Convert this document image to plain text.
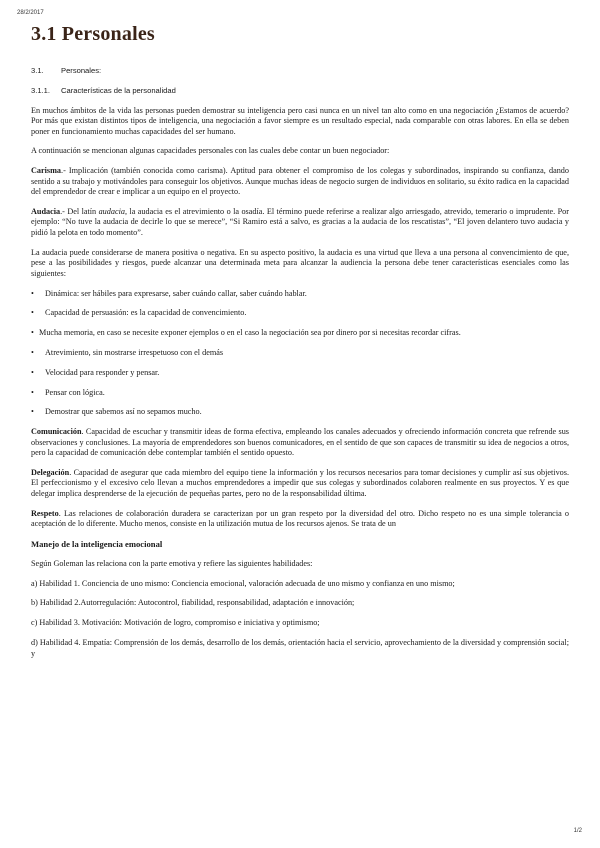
28/2/2017
3.1 Personales

3.1. Personales:

3.1.1. Características de la personalidad

En muchos ámbitos de la vida las personas pueden demostrar su inteligencia pero casi nunca en un nivel tan alto como en una negociación ¿Estamos de acuerdo? Por más que existan distintos tipos de inteligencia, una negociación a favor siempre es un resultado especial, nada comparable con otras labores. En ella se deben poner en funcionamiento muchas capacidades del ser humano.

A continuación se mencionan algunas capacidades personales con las cuales debe contar un buen negociador:

Carisma.- Implicación (también conocida como carisma). Aptitud para obtener el compromiso de los colegas y subordinados, inspirando su confianza, dando sentido a su trabajo y motivándoles para conseguir los objetivos. Aunque muchas ideas de negocio surgen de individuos en solitario, su éxito radica en la capacidad del emprendedor de crear e implicar a un equipo en el proyecto.

Audacia.- Del latín audacia, la audacia es el atrevimiento o la osadía. El término puede referirse a realizar algo arriesgado, atrevido, temerario o imprudente. Por ejemplo: “No tuve la audacia de decirle lo que se merece”, “Si Ramiro está a salvo, es gracias a la audacia de los rescatistas”, “El joven delantero tuvo audacia y pidió la pelota en todo momento”.

La audacia puede considerarse de manera positiva o negativa. En su aspecto positivo, la audacia es una virtud que lleva a una persona al convencimiento de que, pese a las posibilidades y riesgos, puede alcanzar una determinada meta para alcanzar la audiencia la persona debe tener características esenciales como las siguientes:

•Dinámica: ser hábiles para expresarse, saber cuándo callar, saber cuándo hablar.

•Capacidad de persuasión: es la capacidad de convencimiento.

• Mucha memoria, en caso se necesite exponer ejemplos o en el caso la negociación sea por dinero por si necesitas recordar cifras.

•Atrevimiento, sin mostrarse irrespetuoso con el demás

•Velocidad para responder y pensar.

•Pensar con lógica.

•Demostrar que sabemos así no sepamos mucho.

Comunicación. Capacidad de escuchar y transmitir ideas de forma efectiva, empleando los canales adecuados y ofreciendo información concreta que refrende sus observaciones y conclusiones. La mayoría de emprendedores son buenos comunicadores, en el sentido de que son capaces de transmitir su idea de negocios a otros, pero la capacidad de comunicación debe contemplar también el sentido opuesto.

Delegación. Capacidad de asegurar que cada miembro del equipo tiene la información y los recursos necesarios para tomar decisiones y cumplir así sus objetivos. El perfeccionismo y el excesivo celo llevan a muchos emprendedores a impedir que sus colegas y subordinados colaboren realmente en sus proyectos. Y es que delegar implica desprenderse de la ejecución de pequeñas partes, pero no de la responsabilidad última.

Respeto. Las relaciones de colaboración duradera se caracterizan por un gran respeto por la diversidad del otro. Dicho respeto no es una simple tolerancia o aceptación de lo diferente. Mucho menos, consiste en la utilización mutua de los recursos ajenos. Se trata de un

Manejo de la inteligencia emocional

Según Goleman las relaciona con la parte emotiva y refiere las siguientes habilidades:

a) Habilidad 1. Conciencia de uno mismo: Conciencia emocional, valoración adecuada de uno mismo y confianza en uno mismo;

b) Habilidad 2.Autorregulación: Autocontrol, fiabilidad, responsabilidad, adaptación e innovación;

c) Habilidad 3. Motivación: Motivación de logro, compromiso e iniciativa y optimismo;

d) Habilidad 4. Empatía: Comprensión de los demás, desarrollo de los demás, orientación hacia el servicio, aprovechamiento de la diversidad y comprensión social; y

1/2
